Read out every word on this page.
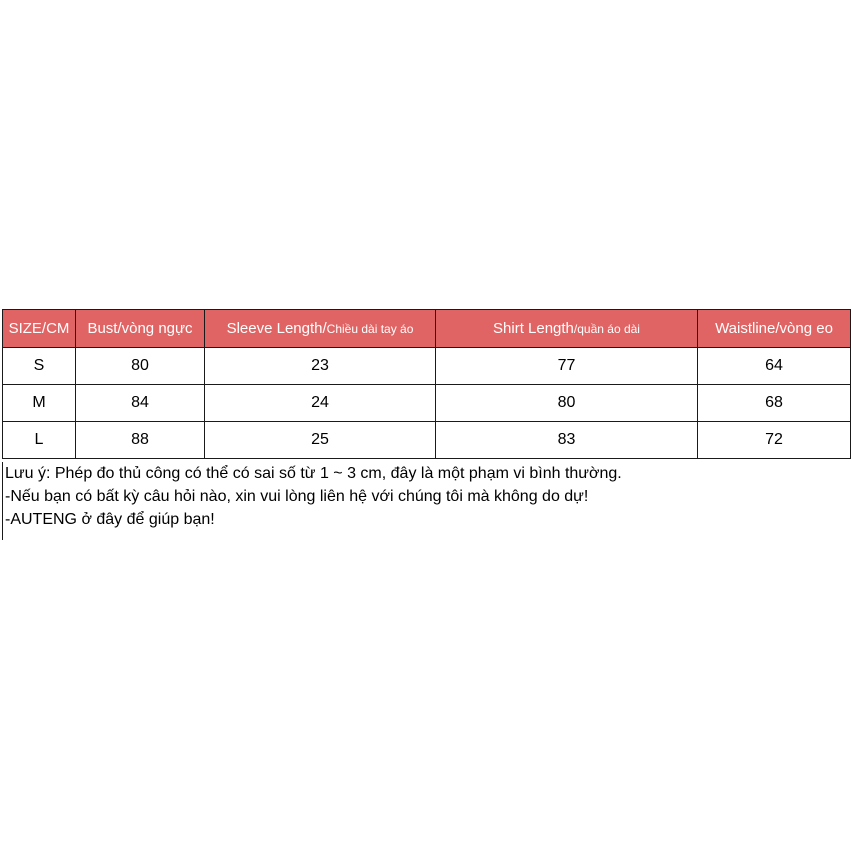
SIZE/CM	Bust/vòng ngực	Sleeve Length/Chiều dài tay áo	Shirt Length/quần áo dài	Waistline/vòng eo
S	80	23	77	64
M	84	24	80	68
L	88	25	83	72

Lưu ý: Phép đo thủ công có thể có sai số từ 1 ~ 3 cm, đây là một phạm vi bình thường.

-Nếu bạn có bất kỳ câu hỏi nào, xin vui lòng liên hệ với chúng tôi mà không do dự!

-AUTENG ở đây để giúp bạn!
